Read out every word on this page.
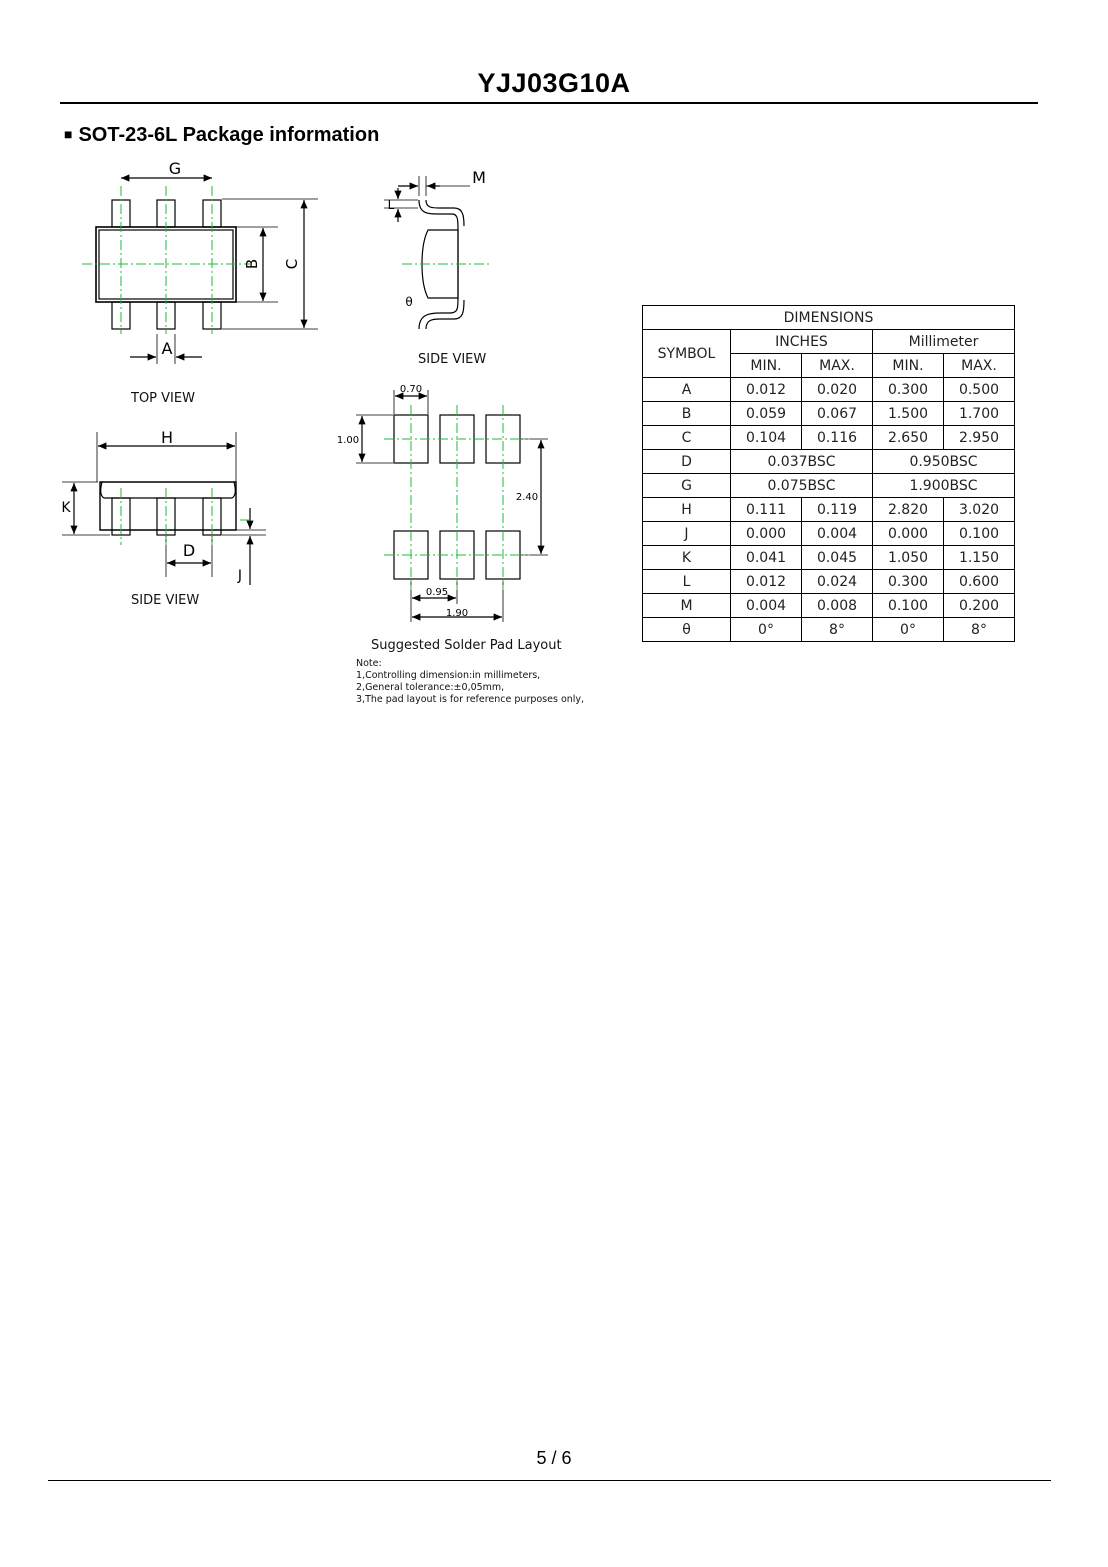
YJJ03G10A
■ SOT-23-6L Package information
G
B C
A
M
L
θ
H
K
D
J
0.70
1.00
2.40
0.95
1.90
TOP VIEW
SIDE VIEW
SIDE VIEW
Suggested Solder Pad Layout
Note:
1,Controlling dimension:in millimeters,
2,General tolerance:±0,05mm,
3,The pad layout is for reference purposes only,
DIMENSIONS				
SYMBOL	INCHES		Millimeter	
	MIN.	MAX.	MIN.	MAX.
A	0.012	0.020	0.300	0.500
B	0.059	0.067	1.500	1.700
C	0.104	0.116	2.650	2.950
D	0.037BSC		0.950BSC	
G	0.075BSC		1.900BSC	
H	0.111	0.119	2.820	3.020
J	0.000	0.004	0.000	0.100
K	0.041	0.045	1.050	1.150
L	0.012	0.024	0.300	0.600
M	0.004	0.008	0.100	0.200
θ	0°	8°	0°	8°
5 / 6
